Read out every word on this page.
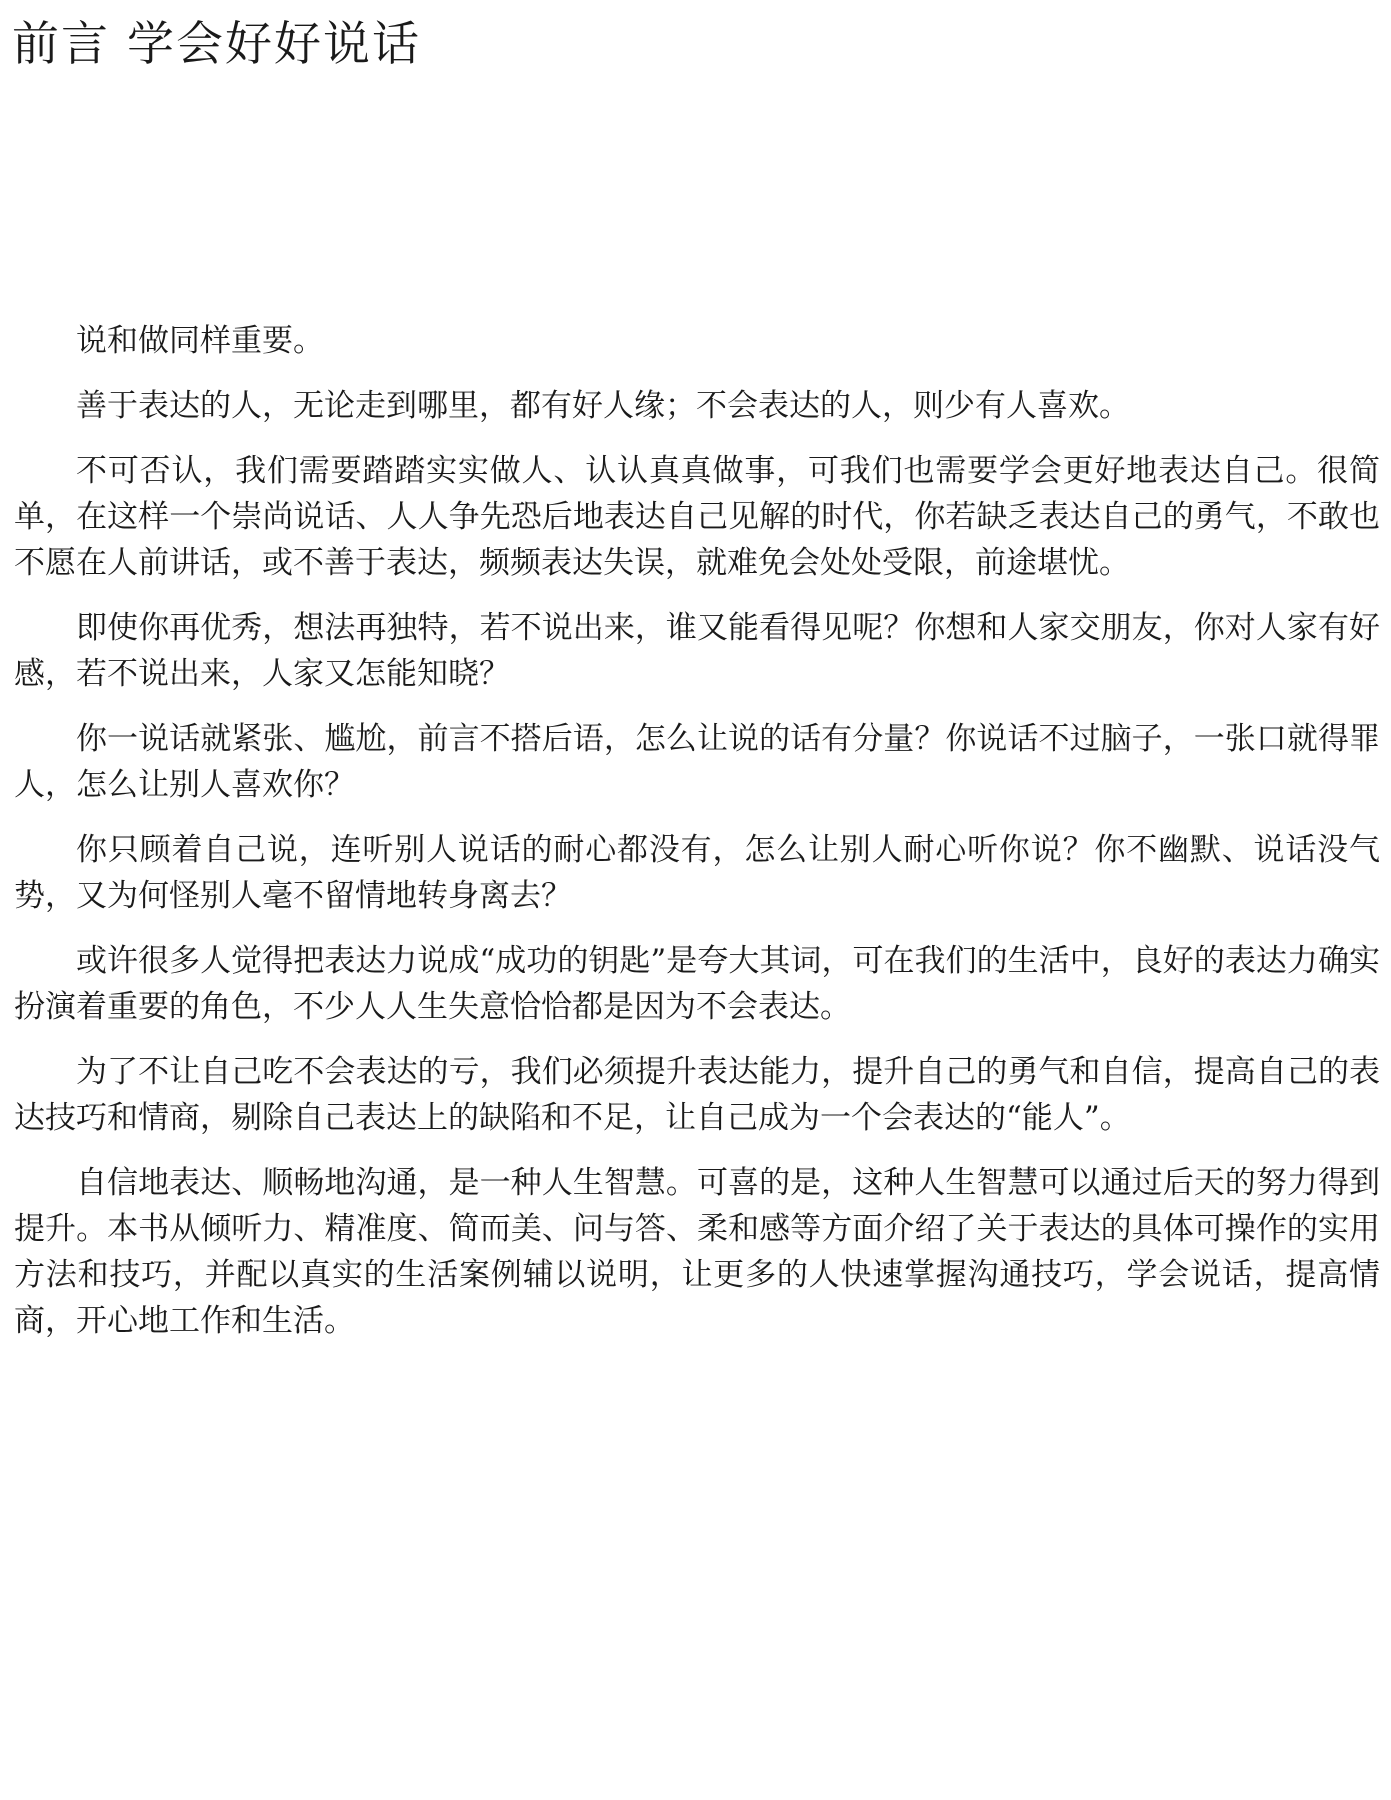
前言 学会好好说话

说和做同样重要。

善于表达的人，无论走到哪里，都有好人缘；不会表达的人，则少有人喜欢。

不可否认，我们需要踏踏实实做人、认认真真做事，可我们也需要学会更好地表达自己。很简单，在这样一个崇尚说话、人人争先恐后地表达自己见解的时代，你若缺乏表达自己的勇气，不敢也不愿在人前讲话，或不善于表达，频频表达失误，就难免会处处受限，前途堪忧。

即使你再优秀，想法再独特，若不说出来，谁又能看得见呢？你想和人家交朋友，你对人家有好感，若不说出来，人家又怎能知晓？

你一说话就紧张、尴尬，前言不搭后语，怎么让说的话有分量？你说话不过脑子，一张口就得罪人，怎么让别人喜欢你？

你只顾着自己说，连听别人说话的耐心都没有，怎么让别人耐心听你说？你不幽默、说话没气势，又为何怪别人毫不留情地转身离去？

或许很多人觉得把表达力说成“成功的钥匙”是夸大其词，可在我们的生活中，良好的表达力确实扮演着重要的角色，不少人人生失意恰恰都是因为不会表达。

为了不让自己吃不会表达的亏，我们必须提升表达能力，提升自己的勇气和自信，提高自己的表达技巧和情商，剔除自己表达上的缺陷和不足，让自己成为一个会表达的“能人”。

自信地表达、顺畅地沟通，是一种人生智慧。可喜的是，这种人生智慧可以通过后天的努力得到提升。本书从倾听力、精准度、简而美、问与答、柔和感等方面介绍了关于表达的具体可操作的实用方法和技巧，并配以真实的生活案例辅以说明，让更多的人快速掌握沟通技巧，学会说话，提高情商，开心地工作和生活。
